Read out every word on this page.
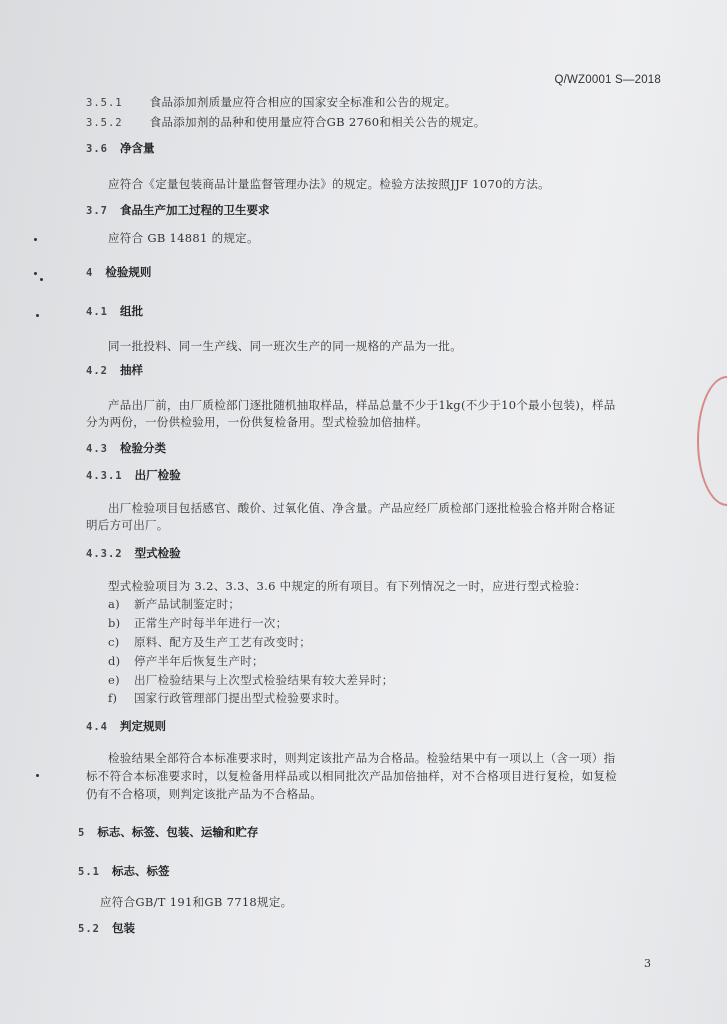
Q/WZ0001 S—2018
3.5.1 食品添加剂质量应符合相应的国家安全标准和公告的规定。
3.5.2 食品添加剂的品种和使用量应符合GB 2760和相关公告的规定。
3.6 净含量
应符合《定量包装商品计量监督管理办法》的规定。检验方法按照JJF 1070的方法。
3.7 食品生产加工过程的卫生要求
应符合 GB 14881 的规定。
4 检验规则
4.1 组批
同一批投料、同一生产线、同一班次生产的同一规格的产品为一批。
4.2 抽样
产品出厂前，由厂质检部门逐批随机抽取样品，样品总量不少于1kg(不少于10个最小包装)，样品
分为两份，一份供检验用，一份供复检备用。型式检验加倍抽样。
4.3 检验分类
4.3.1 出厂检验
出厂检验项目包括感官、酸价、过氧化值、净含量。产品应经厂质检部门逐批检验合格并附合格证
明后方可出厂。
4.3.2 型式检验
型式检验项目为 3.2、3.3、3.6 中规定的所有项目。有下列情况之一时，应进行型式检验：
a) 新产品试制鉴定时；
b) 正常生产时每半年进行一次；
c) 原料、配方及生产工艺有改变时；
d) 停产半年后恢复生产时；
e) 出厂检验结果与上次型式检验结果有较大差异时；
f) 国家行政管理部门提出型式检验要求时。
4.4 判定规则
检验结果全部符合本标准要求时，则判定该批产品为合格品。检验结果中有一项以上（含一项）指
标不符合本标准要求时，以复检备用样品或以相同批次产品加倍抽样，对不合格项目进行复检，如复检
仍有不合格项，则判定该批产品为不合格品。
5 标志、标签、包装、运输和贮存
5.1 标志、标签
应符合GB/T 191和GB 7718规定。
5.2 包装
3
